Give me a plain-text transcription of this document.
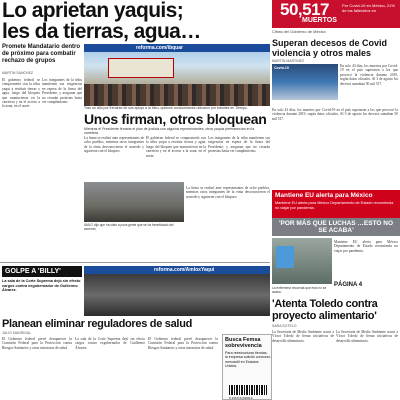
Lo aprietan yaquis;
les da tierras, agua…
50,517
MUERTOS
Por Covid-19 en México, 21% de los fallecidos en
Cifras del Gobierno de México
Promete Mandatario dentro de próximo para combatir rechazo de grupos
MARTIN SANCHEZ
El gobierno federal se comprometió con la tribu yaqui a restituir tierras y agua, luego del bloqueo que mantuvieron en la carretera y en el acceso a la zona, en el norte.
Los integrantes de la tribu mantienen sus exigencias en espera de la firma del Presidente, y aseguran que no cesarán protestas hasta ver cumplimiento.
reforma.com/ibquar
Tras un año por frenarse de sus apoyo a la tribu, quienes consumidores ubicaron por trámites en Tiempo.
Superan decesos de Covid violencia y otros males
MARTIN MARTINEZ
Covid-19	En solo 43 días, los muertos por Covid-19 en el país superaron a los que provocó la violencia durante 2019, según datos oficiales. Al 3 de agosto los decesos sumaban 50 mil 517.
Unos firman, otros bloquean
Mientras el Presidente firmaba el plan de justicia con algunos representantes, otros yaquis permanecían en la carretera.
La firma se realizó ante representantes de ocho pueblos, mientras otros integrantes de la etnia desconocieron el acuerdo y siguieron con el bloqueo.
El gobierno federal se comprometió con la tribu yaqui a restituir tierras y agua, luego del bloqueo que mantuvieron en la carretera y en el acceso a la zona, en el norte.
Los integrantes de la tribu mantienen sus exigencias en espera de la firma del Presidente, y aseguran que no cesarán protestas hasta ver cumplimiento.
AMLO dijo que ha visto a poca gente que se ha beneficiado del acuerdo.
La firma se realizó ante representantes de ocho pueblos, mientras otros integrantes de la etnia desconocieron el acuerdo y siguieron con el bloqueo.
En solo 43 días, los muertos por Covid-19 en el país superaron a los que provocó la violencia durante 2019, según datos oficiales. Al 3 de agosto los decesos sumaban 50 mil 517.
Mantiene EU alerta para México
Mantiene EU alerta para México Departamento de Estado recomienda no viajar por pandemia.
'POR MÁS QUE LUCHAS …ESTO NO SE ACABA'
La enfermera recuerda que esto no se acaba.
Mantiene EU alerta para México Departamento de Estado recomienda no viajar por pandemia.
PÁGINA 4
GOLPE A 'BILLY'
La sala de la Corte Suprema dejó sin efecto cargos contra exgobernador de Guillermo Álvarez.
reforma.com/AmloxYaqui
Planean eliminar reguladores de salud
JULIO MADRIGAL
El Gobierno federal prevé desaparecer la Comisión Federal para la Protección contra Riesgos Sanitarios y otras instancias de salud.
La sala de la Corte Suprema dejó sin efecto cargos contra exgobernador de Guillermo Álvarez.
El Gobierno federal prevé desaparecer la Comisión Federal para la Protección contra Riesgos Sanitarios y otras instancias de salud.
Busca Femsa sobrevivencia
Para reestructurar tiendas, la empresa solicitó concurso mercantil en Estados Unidos.
8 196719 000019
'Atenta Toledo contra proyecto alimentario'
SARA SOTELO
La Secretaría de Medio Ambiente acusó a Víctor Toledo de frenar iniciativas de desarrollo alimentario.
La Secretaría de Medio Ambiente acusó a Víctor Toledo de frenar iniciativas de desarrollo alimentario.
